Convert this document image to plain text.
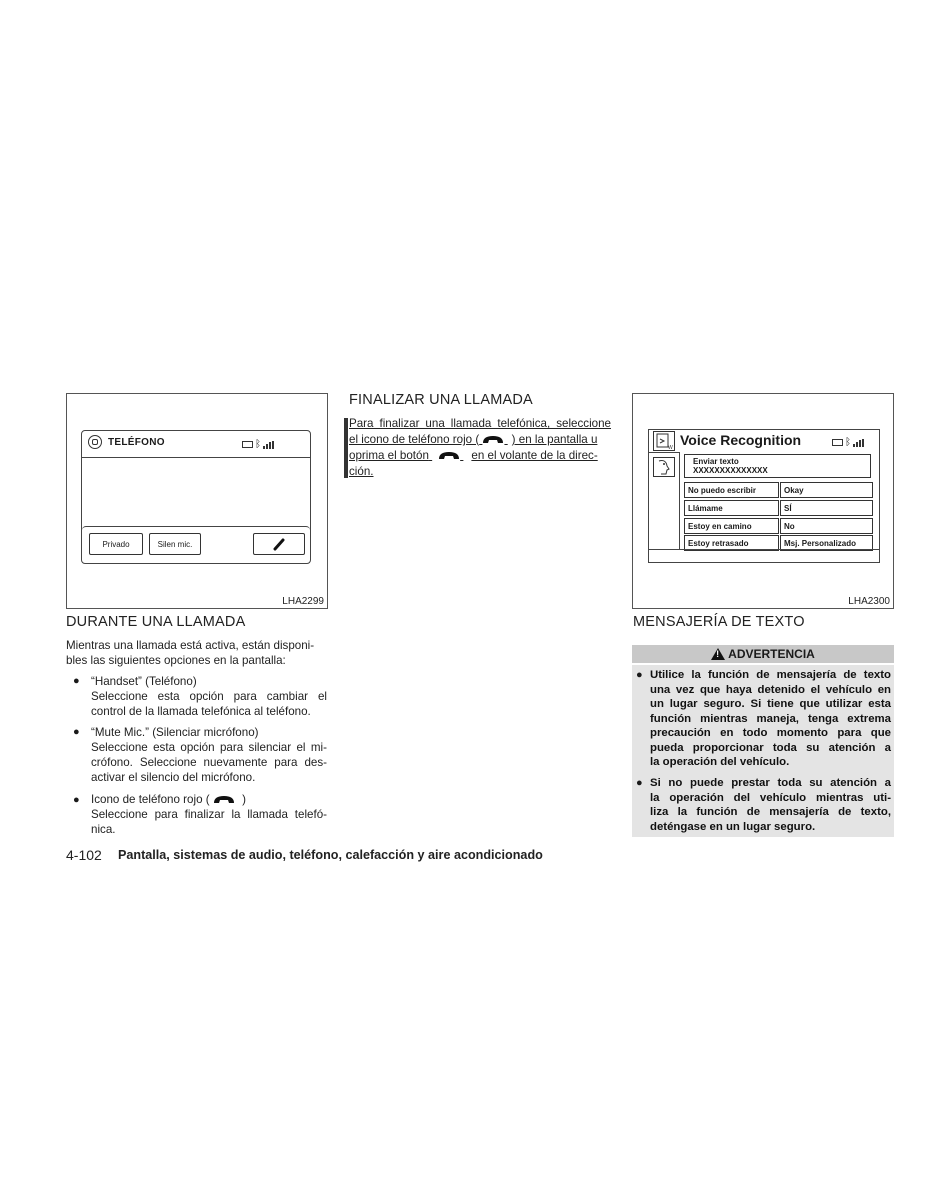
TELÉFONO	ᛒ
Privado	Silen mic.
LHA2299
DURANTE UNA LLAMADA
Mientras una llamada está activa, están disponi-
bles las siguientes opciones en la pantalla:
● “Handset” (Teléfono)
Seleccione esta opción para cambiar el
control de la llamada telefónica al teléfono.
● “Mute Mic.” (Silenciar micrófono)
Seleccione esta opción para silenciar el mi-
crófono. Seleccione nuevamente para des-
activar el silencio del micrófono.
● Icono de teléfono rojo (	)
Seleccione para finalizar la llamada telefó-
nica.
FINALIZAR UNA LLAMADA
Para finalizar una llamada telefónica, seleccione
el icono de teléfono rojo (	) en la pantalla u
oprima el botón	en el volante de la direc-
ción.
W Voice Recognition	ᛒ
Enviar texto
XXXXXXXXXXXXXX
No puedo escribir	Okay
Llámame	SÍ
Estoy en camino	No
Estoy retrasado	Msj. Personalizado
LHA2300
MENSAJERÍA DE TEXTO
!
ADVERTENCIA
● Utilice la función de mensajería de texto
una vez que haya detenido el vehículo en
un lugar seguro. Si tiene que utilizar esta
función mientras maneja, tenga extrema
precaución en todo momento para que
pueda proporcionar toda su atención a
la operación del vehículo.
● Si no puede prestar toda su atención a
la operación del vehículo mientras uti-
liza la función de mensajería de texto,
deténgase en un lugar seguro.
4-102 Pantalla, sistemas de audio, teléfono, calefacción y aire acondicionado
